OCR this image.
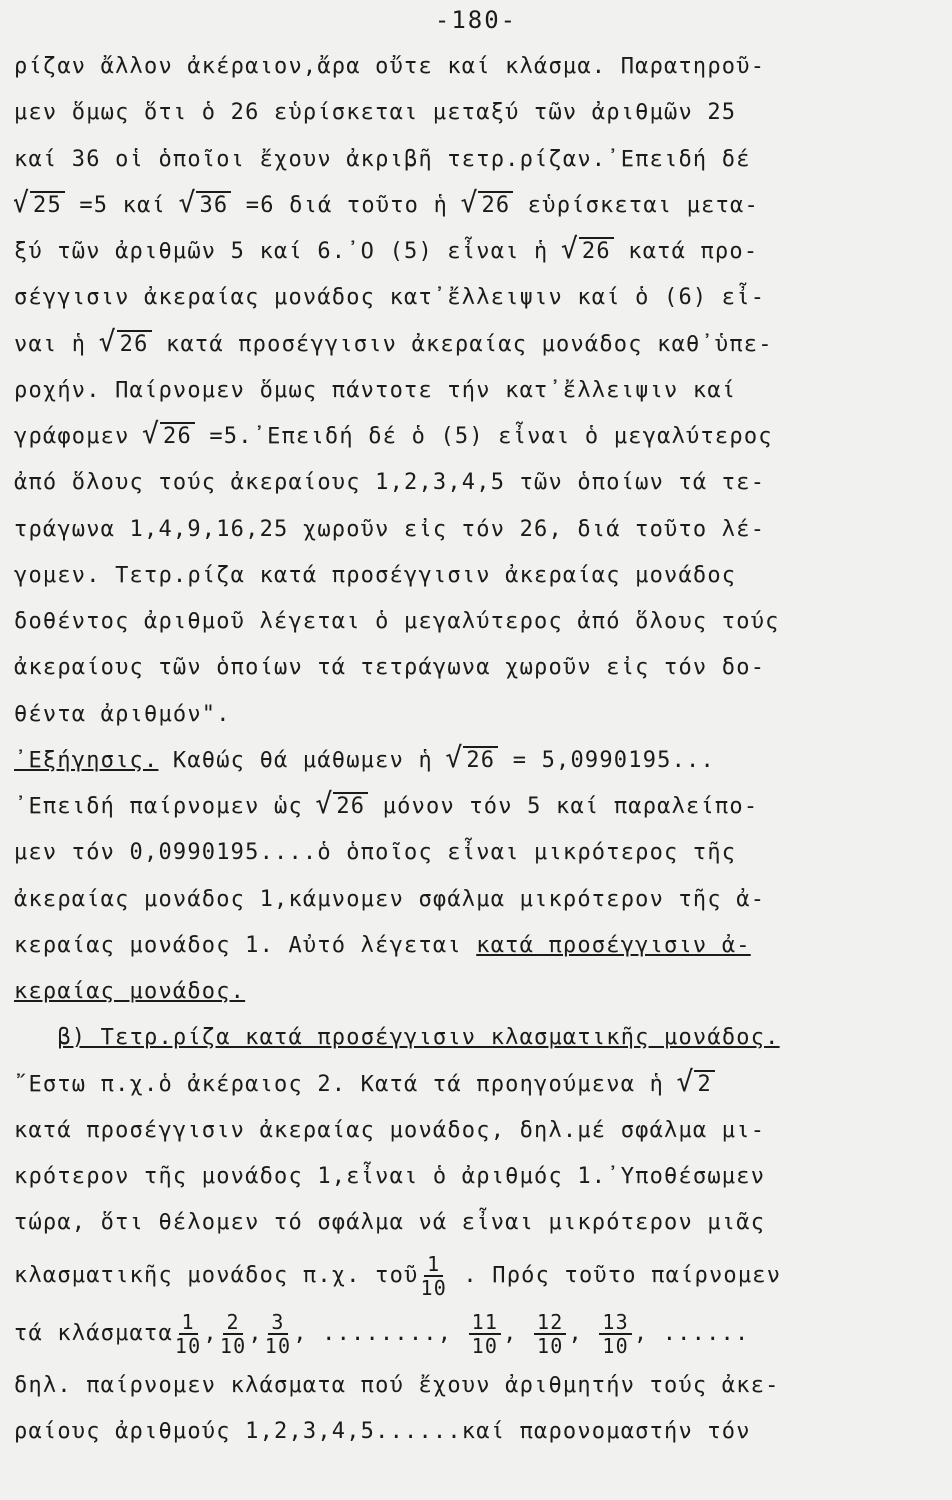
-180-
ρίζαν ἄλλον ἀκέραιον,ἄρα οὔτε καί κλάσμα. Παρατηροῦ-
μεν ὅμως ὅτι ὁ 26 εὑρίσκεται μεταξύ τῶν ἀριθμῶν 25
καί 36 οἱ ὁποῖοι ἔχουν ἀκριβῆ τετρ.ρίζαν.᾿Επειδή δέ
√ 25 =5 καί √ 36 =6 διά τοῦτο ἡ √ 26 εὑρίσκεται μετα-
ξύ τῶν ἀριθμῶν 5 καί 6.᾿Ο (5) εἶναι ἡ √ 26 κατά προ-
σέγγισιν ἀκεραίας μονάδος κατ᾿ἔλλειψιν καί ὁ (6) εἶ-
ναι ἡ √ 26 κατά προσέγγισιν ἀκεραίας μονάδος καθ᾿ὑπε-
ροχήν. Παίρνομεν ὅμως πάντοτε τήν κατ᾿ἔλλειψιν καί
γράφομεν √ 26 =5.᾿Επειδή δέ ὁ (5) εἶναι ὁ μεγαλύτερος
ἀπό ὅλους τούς ἀκεραίους 1,2,3,4,5 τῶν ὁποίων τά τε-
τράγωνα 1,4,9,16,25 χωροῦν εἰς τόν 26, διά τοῦτο λέ-
γομεν. Τετρ.ρίζα κατά προσέγγισιν ἀκεραίας μονάδος
δοθέντος ἀριθμοῦ λέγεται ὁ μεγαλύτερος ἀπό ὅλους τούς
ἀκεραίους τῶν ὁποίων τά τετράγωνα χωροῦν εἰς τόν δο-
θέντα ἀριθμόν".
᾿Εξήγησις. Καθώς θά μάθωμεν ἡ √ 26 = 5,0990195...
᾿Επειδή παίρνομεν ὡς √ 26 μόνον τόν 5 καί παραλείπο-
μεν τόν 0,0990195....ὁ ὁποῖος εἶναι μικρότερος τῆς
ἀκεραίας μονάδος 1,κάμνομεν σφάλμα μικρότερον τῆς ἀ-
κεραίας μονάδος 1. Αὐτό λέγεται κατά προσέγγισιν ἀ-
κεραίας μονάδος.
β) Τετρ.ρίζα κατά προσέγγισιν κλασματικῆς μονάδος.
῎Εστω π.χ.ὁ ἀκέραιος 2. Κατά τά προηγούμενα ἡ √ 2
κατά προσέγγισιν ἀκεραίας μονάδος, δηλ.μέ σφάλμα μι-
κρότερον τῆς μονάδος 1,εἶναι ὁ ἀριθμός 1.᾿Υποθέσωμεν
τώρα, ὅτι θέλομεν τό σφάλμα νά εἶναι μικρότερον μιᾶς
κλασματικῆς μονάδος π.χ. τοῦ $\frac{1}{10}$ . Πρός τοῦτο παίρνομεν
τά κλάσματα $\frac{1}{10}$ , $\frac{2}{10}$ , $\frac{3}{10}$ , ........, $\frac{11}{10}$ , $\frac{12}{10}$ , $\frac{13}{10}$ , ......
δηλ. παίρνομεν κλάσματα πού ἔχουν ἀριθμητήν τούς ἀκε-
ραίους ἀριθμούς 1,2,3,4,5......καί παρονομαστήν τόν
